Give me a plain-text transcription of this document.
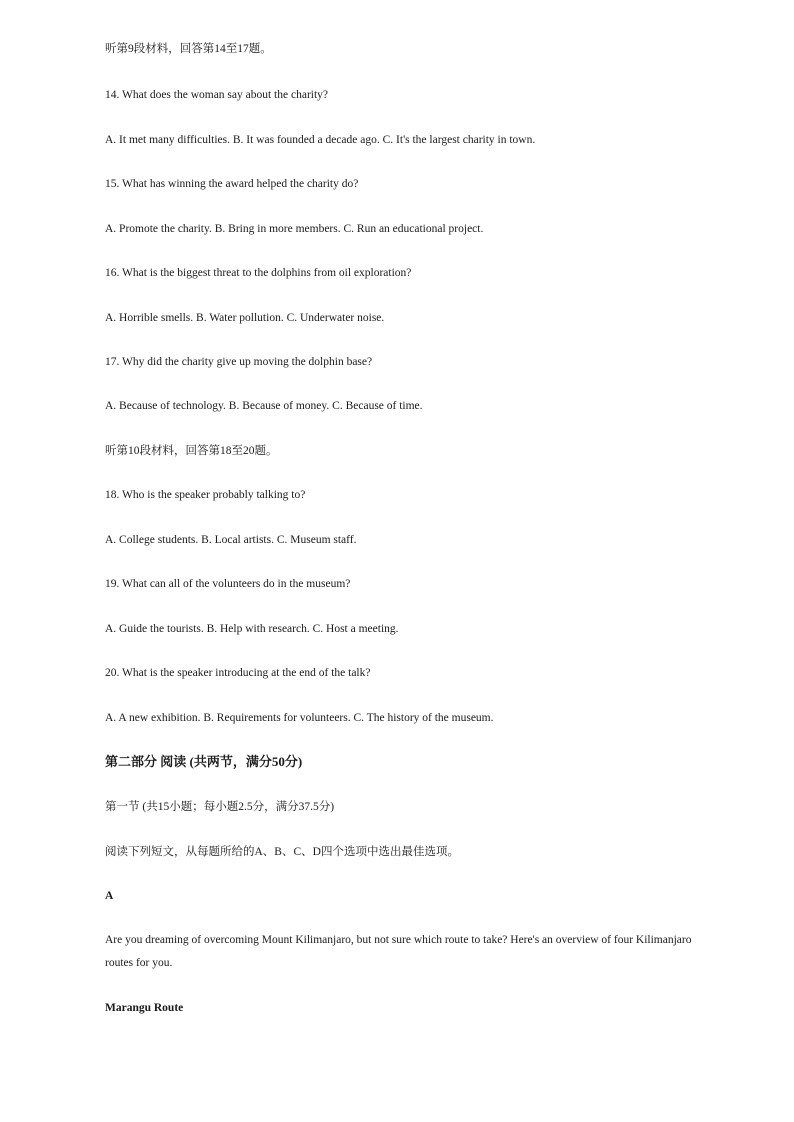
听第9段材料，回答第14至17题。
14. What does the woman say about the charity?
A. It met many difficulties. B. It was founded a decade ago. C. It's the largest charity in town.
15. What has winning the award helped the charity do?
A. Promote the charity. B. Bring in more members. C. Run an educational project.
16. What is the biggest threat to the dolphins from oil exploration?
A. Horrible smells. B. Water pollution. C. Underwater noise.
17. Why did the charity give up moving the dolphin base?
A. Because of technology. B. Because of money. C. Because of time.
听第10段材料，回答第18至20题。
18. Who is the speaker probably talking to?
A. College students. B. Local artists. C. Museum staff.
19. What can all of the volunteers do in the museum?
A. Guide the tourists. B. Help with research. C. Host a meeting.
20. What is the speaker introducing at the end of the talk?
A. A new exhibition. B. Requirements for volunteers. C. The history of the museum.
第二部分 阅读 (共两节，满分50分)
第一节 (共15小题；每小题2.5分，满分37.5分)
阅读下列短文，从每题所给的A、B、C、D四个选项中选出最佳选项。
A
Are you dreaming of overcoming Mount Kilimanjaro, but not sure which route to take? Here's an overview of four Kilimanjaro routes for you.
Marangu Route
